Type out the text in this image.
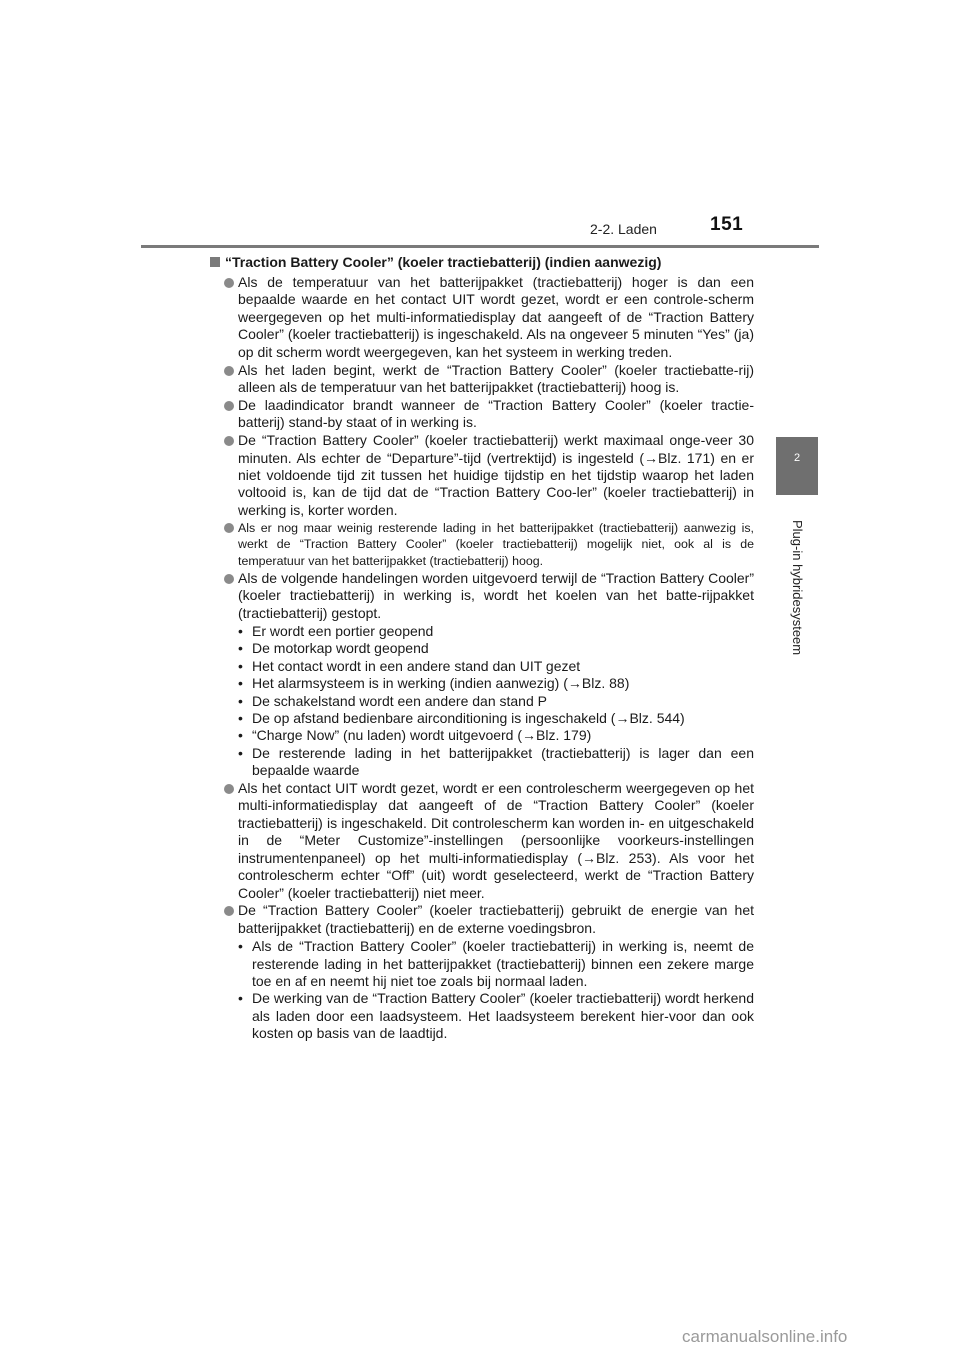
2-2. Laden	151
2
Plug-in hybridesysteem
“Traction Battery Cooler” (koeler tractiebatterij) (indien aanwezig)
Als de temperatuur van het batterijpakket (tractiebatterij) hoger is dan een bepaalde waarde en het contact UIT wordt gezet, wordt er een controle-scherm weergegeven op het multi-informatiedisplay dat aangeeft of de “Traction Battery Cooler” (koeler tractiebatterij) is ingeschakeld. Als na ongeveer 5 minuten “Yes” (ja) op dit scherm wordt weergegeven, kan het systeem in werking treden.
Als het laden begint, werkt de “Traction Battery Cooler” (koeler tractiebatte-rij) alleen als de temperatuur van het batterijpakket (tractiebatterij) hoog is.
De laadindicator brandt wanneer de “Traction Battery Cooler” (koeler tractie-batterij) stand-by staat of in werking is.
De “Traction Battery Cooler” (koeler tractiebatterij) werkt maximaal onge-veer 30 minuten. Als echter de “Departure”-tijd (vertrektijd) is ingesteld (→Blz. 171) en er niet voldoende tijd zit tussen het huidige tijdstip en het tijdstip waarop het laden voltooid is, kan de tijd dat de “Traction Battery Coo-ler” (koeler tractiebatterij) in werking is, korter worden.
Als er nog maar weinig resterende lading in het batterijpakket (tractiebatterij) aanwezig is, werkt de “Traction Battery Cooler” (koeler tractiebatterij) mogelijk niet, ook al is de temperatuur van het batterijpakket (tractiebatterij) hoog.
Als de volgende handelingen worden uitgevoerd terwijl de “Traction Battery Cooler” (koeler tractiebatterij) in werking is, wordt het koelen van het batte-rijpakket (tractiebatterij) gestopt.
• Er wordt een portier geopend
• De motorkap wordt geopend
• Het contact wordt in een andere stand dan UIT gezet
• Het alarmsysteem is in werking (indien aanwezig) (→Blz. 88)
• De schakelstand wordt een andere dan stand P
• De op afstand bedienbare airconditioning is ingeschakeld (→Blz. 544)
• “Charge Now” (nu laden) wordt uitgevoerd (→Blz. 179)
• De resterende lading in het batterijpakket (tractiebatterij) is lager dan een bepaalde waarde
Als het contact UIT wordt gezet, wordt er een controlescherm weergegeven op het multi-informatiedisplay dat aangeeft of de “Traction Battery Cooler” (koeler tractiebatterij) is ingeschakeld. Dit controlescherm kan worden in- en uitgeschakeld in de “Meter Customize”-instellingen (persoonlijke voorkeurs-instellingen instrumentenpaneel) op het multi-informatiedisplay (→Blz. 253). Als voor het controlescherm echter “Off” (uit) wordt geselecteerd, werkt de “Traction Battery Cooler” (koeler tractiebatterij) niet meer.
De “Traction Battery Cooler” (koeler tractiebatterij) gebruikt de energie van het batterijpakket (tractiebatterij) en de externe voedingsbron.
• Als de “Traction Battery Cooler” (koeler tractiebatterij) in werking is, neemt de resterende lading in het batterijpakket (tractiebatterij) binnen een zekere marge toe en af en neemt hij niet toe zoals bij normaal laden.
• De werking van de “Traction Battery Cooler” (koeler tractiebatterij) wordt herkend als laden door een laadsysteem. Het laadsysteem berekent hier-voor dan ook kosten op basis van de laadtijd.
carmanualsonline.info
